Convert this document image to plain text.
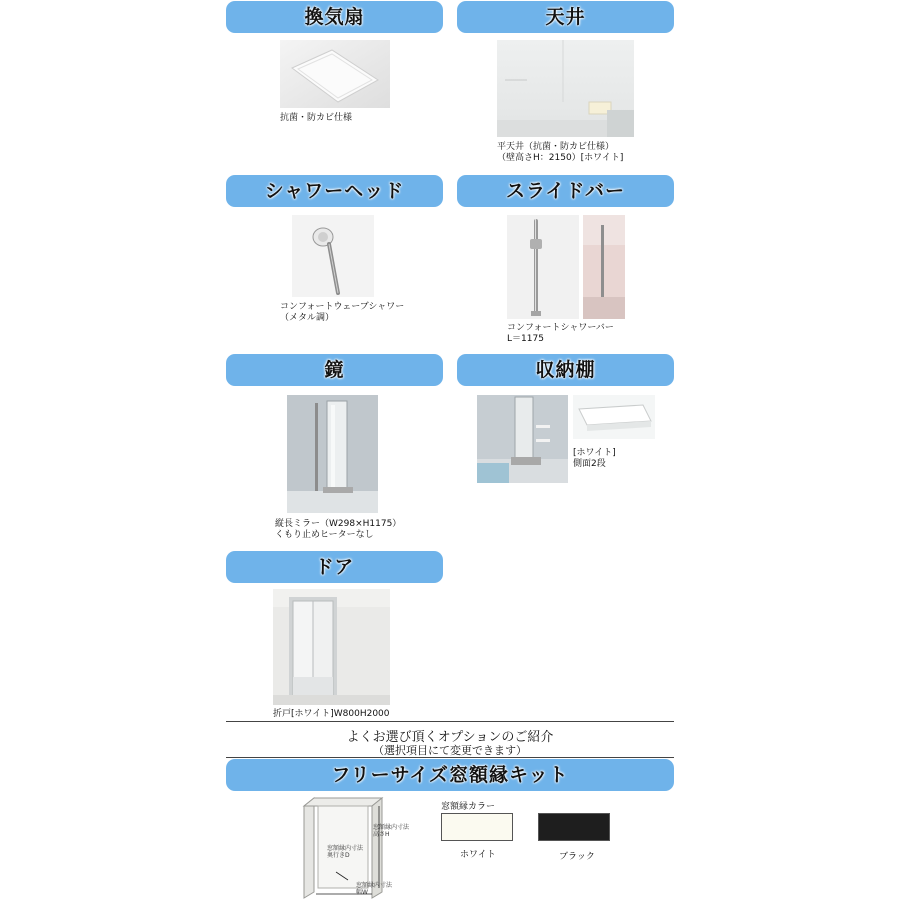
換気扇
抗菌・防カビ仕様
天井
平天井（抗菌・防カビ仕様）
（壁高さH：2150）[ホワイト]
シャワーヘッド
コンフォートウェーブシャワー
（メタル調）
スライドバー
コンフォートシャワーバー
L＝1175
鏡
縦長ミラー（W298×H1175）
くもり止めヒーターなし
収納棚
[ホワイト]
側面2段
ドア
折戸[ホワイト]W800H2000
よくお選び頂くオプションのご紹介
（選択項目にて変更できます）
フリーサイズ窓額縁キット
窓額縁内寸法
高さH
窓額縁内寸法
奥行きD
窓額縁内寸法
幅W
窓額縁カラー
ホワイト	ブラック
